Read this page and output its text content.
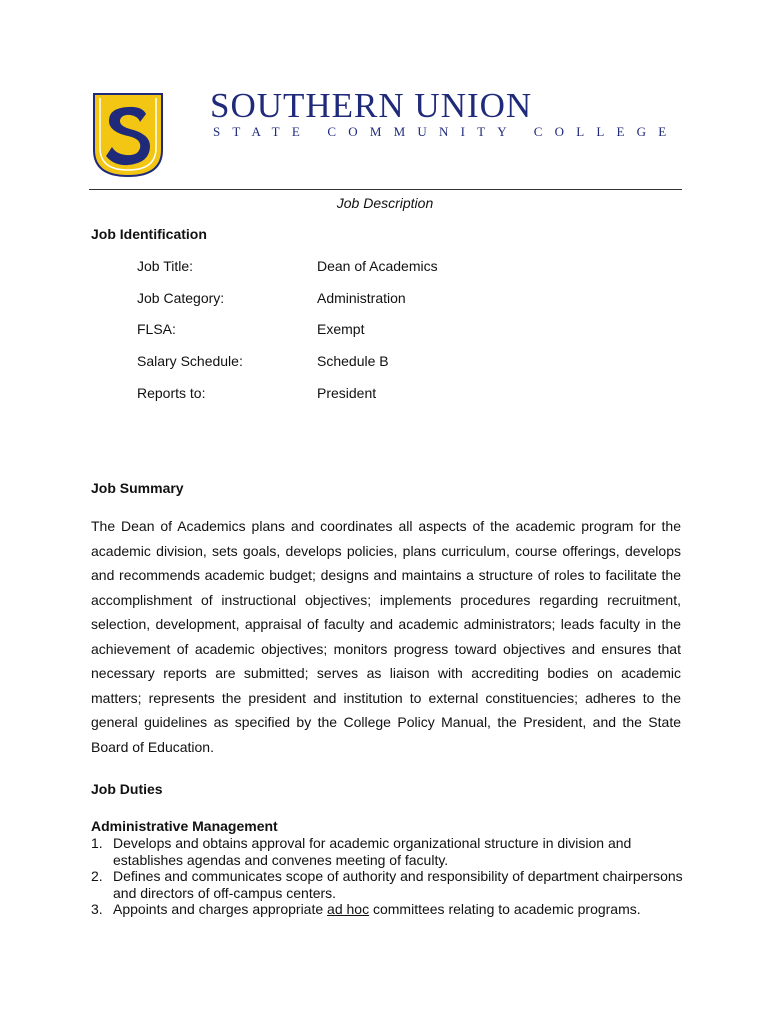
SOUTHERN UNION
STATE COMMUNITY COLLEGE
Job Description
Job Identification
Job Title:	Dean of Academics
Job Category:	Administration
FLSA:	Exempt
Salary Schedule:	Schedule B
Reports to:	President
Job Summary

The Dean of Academics plans and coordinates all aspects of the academic program for the academic division, sets goals, develops policies, plans curriculum, course offerings, develops and recommends academic budget; designs and maintains a structure of roles to facilitate the accomplishment of instructional objectives; implements procedures regarding recruitment, selection, development, appraisal of faculty and academic administrators; leads faculty in the achievement of academic objectives; monitors progress toward objectives and ensures that necessary reports are submitted; serves as liaison with accrediting bodies on academic matters; represents the president and institution to external constituencies; adheres to the general guidelines as specified by the College Policy Manual, the President, and the State Board of Education.

Job Duties
Administrative Management
1. Develops and obtains approval for academic organizational structure in division and establishes agendas and convenes meeting of faculty.
2. Defines and communicates scope of authority and responsibility of department chairpersons and directors of off-campus centers.
3. Appoints and charges appropriate ad hoc committees relating to academic programs.
